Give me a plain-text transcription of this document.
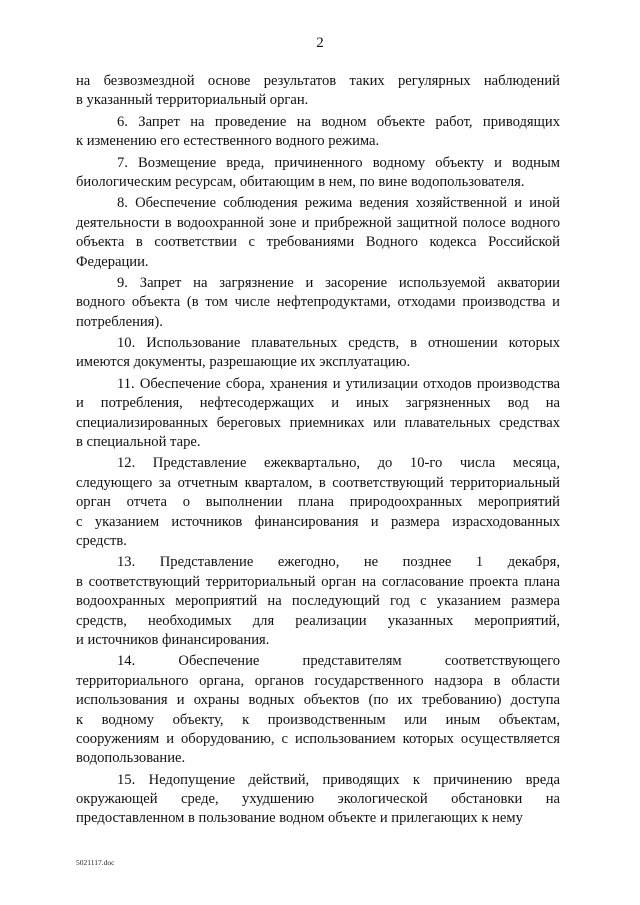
2
на безвозмездной основе результатов таких регулярных наблюдений
в указанный территориальный орган.
6. Запрет на проведение на водном объекте работ, приводящих
к изменению его естественного водного режима.
7. Возмещение вреда, причиненного водному объекту и водным
биологическим ресурсам, обитающим в нем, по вине водопользователя.
8. Обеспечение соблюдения режима ведения хозяйственной и иной
деятельности в водоохранной зоне и прибрежной защитной полосе водного
объекта в соответствии с требованиями Водного кодекса Российской
Федерации.
9. Запрет на загрязнение и засорение используемой акватории
водного объекта (в том числе нефтепродуктами, отходами производства и
потребления).
10. Использование плавательных средств, в отношении которых
имеются документы, разрешающие их эксплуатацию.
11. Обеспечение сбора, хранения и утилизации отходов производства
и потребления, нефтесодержащих и иных загрязненных вод на
специализированных береговых приемниках или плавательных средствах
в специальной таре.
12. Представление ежеквартально, до 10-го числа месяца,
следующего за отчетным кварталом, в соответствующий территориальный
орган отчета о выполнении плана природоохранных мероприятий
с указанием источников финансирования и размера израсходованных
средств.
13. Представление ежегодно, не позднее 1 декабря,
в соответствующий территориальный орган на согласование проекта плана
водоохранных мероприятий на последующий год с указанием размера
средств, необходимых для реализации указанных мероприятий,
и источников финансирования.
14. Обеспечение представителям соответствующего
территориального органа, органов государственного надзора в области
использования и охраны водных объектов (по их требованию) доступа
к водному объекту, к производственным или иным объектам,
сооружениям и оборудованию, с использованием которых осуществляется
водопользование.
15. Недопущение действий, приводящих к причинению вреда
окружающей среде, ухудшению экологической обстановки на
предоставленном в пользование водном объекте и прилегающих к нему
5021117.doc
